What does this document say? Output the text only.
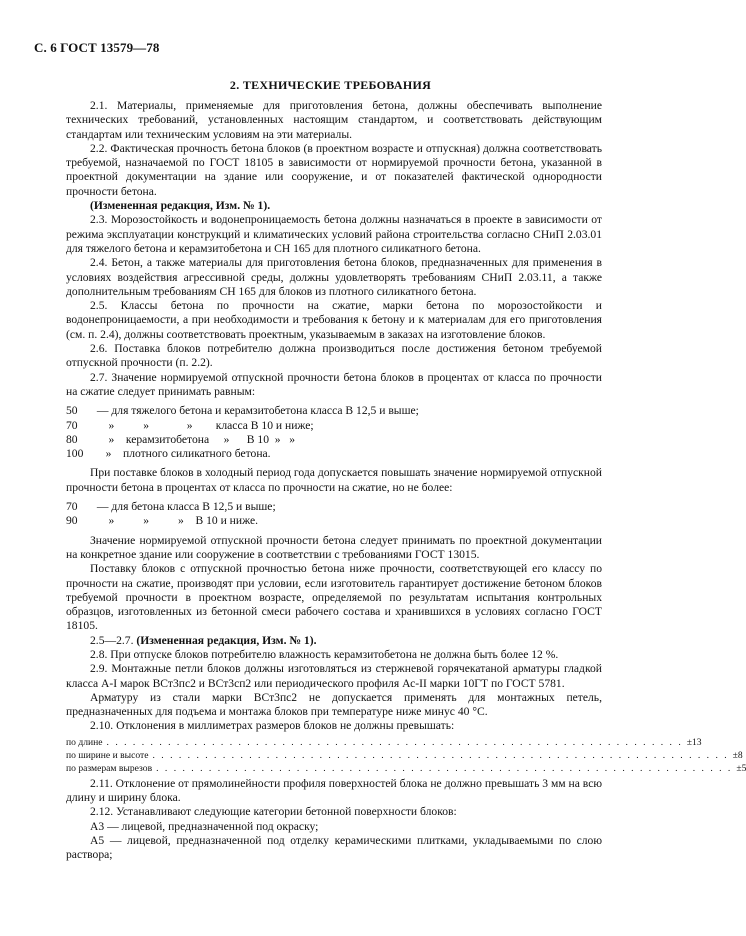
С. 6 ГОСТ 13579—78
2. ТЕХНИЧЕСКИЕ ТРЕБОВАНИЯ

2.1. Материалы, применяемые для приготовления бетона, должны обеспечивать выполнение технических требований, установленных настоящим стандартом, и соответствовать действующим стандартам или техническим условиям на эти материалы.

2.2. Фактическая прочность бетона блоков (в проектном возрасте и отпускная) должна соответствовать требуемой, назначаемой по ГОСТ 18105 в зависимости от нормируемой прочности бетона, указанной в проектной документации на здание или сооружение, и от показателей фактической однородности прочности бетона.

(Измененная редакция, Изм. № 1).

2.3. Морозостойкость и водонепроницаемость бетона должны назначаться в проекте в зависимости от режима эксплуатации конструкций и климатических условий района строительства согласно СНиП 2.03.01 для тяжелого бетона и керамзитобетона и СН 165 для плотного силикатного бетона.

2.4. Бетон, а также материалы для приготовления бетона блоков, предназначенных для применения в условиях воздействия агрессивной среды, должны удовлетворять требованиям СНиП 2.03.11, а также дополнительным требованиям СН 165 для блоков из плотного силикатного бетона.

2.5. Классы бетона по прочности на сжатие, марки бетона по морозостойкости и водонепроницаемости, а при необходимости и требования к бетону и к материалам для его приготовления (см. п. 2.4), должны соответствовать проектным, указываемым в заказах на изготовление блоков.

2.6. Поставка блоков потребителю должна производиться после достижения бетоном требуемой отпускной прочности (п. 2.2).

2.7. Значение нормируемой отпускной прочности бетона блоков в процентах от класса по прочности на сжатие следует принимать равным:

50	— для тяжелого бетона и керамзитобетона класса В 12,5 и выше;
70	»          »             »        класса В 10 и ниже;
80	»    керамзитобетона     »      В 10  »   »
100 »    плотного силикатного бетона.

При поставке блоков в холодный период года допускается повышать значение нормируемой отпускной прочности бетона в процентах от класса по прочности на сжатие, но не более:

70	— для бетона класса В 12,5 и выше;
90	»          »          »    В 10 и ниже.

Значение нормируемой отпускной прочности бетона следует принимать по проектной документации на конкретное здание или сооружение в соответствии с требованиями ГОСТ 13015.

Поставку блоков с отпускной прочностью бетона ниже прочности, соответствующей его классу по прочности на сжатие, производят при условии, если изготовитель гарантирует достижение бетоном блоков требуемой прочности в проектном возрасте, определяемой по результатам испытания контрольных образцов, изготовленных из бетонной смеси рабочего состава и хранившихся в условиях согласно ГОСТ 18105.

2.5—2.7. (Измененная редакция, Изм. № 1).

2.8. При отпуске блоков потребителю влажность керамзитобетона не должна быть более 12 %.

2.9. Монтажные петли блоков должны изготовляться из стержневой горячекатаной арматуры гладкой класса А-I марок ВСт3пс2 и ВСт3сп2 или периодического профиля Ас-II марки 10ГТ по ГОСТ 5781.

Арматуру из стали марки ВСт3пс2 не допускается применять для монтажных петель, предназначенных для подъема и монтажа блоков при температуре ниже минус 40 °С.

2.10. Отклонения в миллиметрах размеров блоков не должны превышать:

по длине . . . . . . . . . . . . . . . . . . . . . . . . . . . . . . . . . . . . . . . . . . . . . . . . . . . . . . . . . . . . . . . . . . ±13
по ширине и высоте . . . . . . . . . . . . . . . . . . . . . . . . . . . . . . . . . . . . . . . . . . . . . . . . . . . . . . . . . . . . . . . . . . ±8
по размерам вырезов . . . . . . . . . . . . . . . . . . . . . . . . . . . . . . . . . . . . . . . . . . . . . . . . . . . . . . . . . . . . . . . . . . ±5

2.11. Отклонение от прямолинейности профиля поверхностей блока не должно превышать 3 мм на всю длину и ширину блока.

2.12. Устанавливают следующие категории бетонной поверхности блоков:

А3 — лицевой, предназначенной под окраску;

А5 — лицевой, предназначенной под отделку керамическими плитками, укладываемыми по слою раствора;
